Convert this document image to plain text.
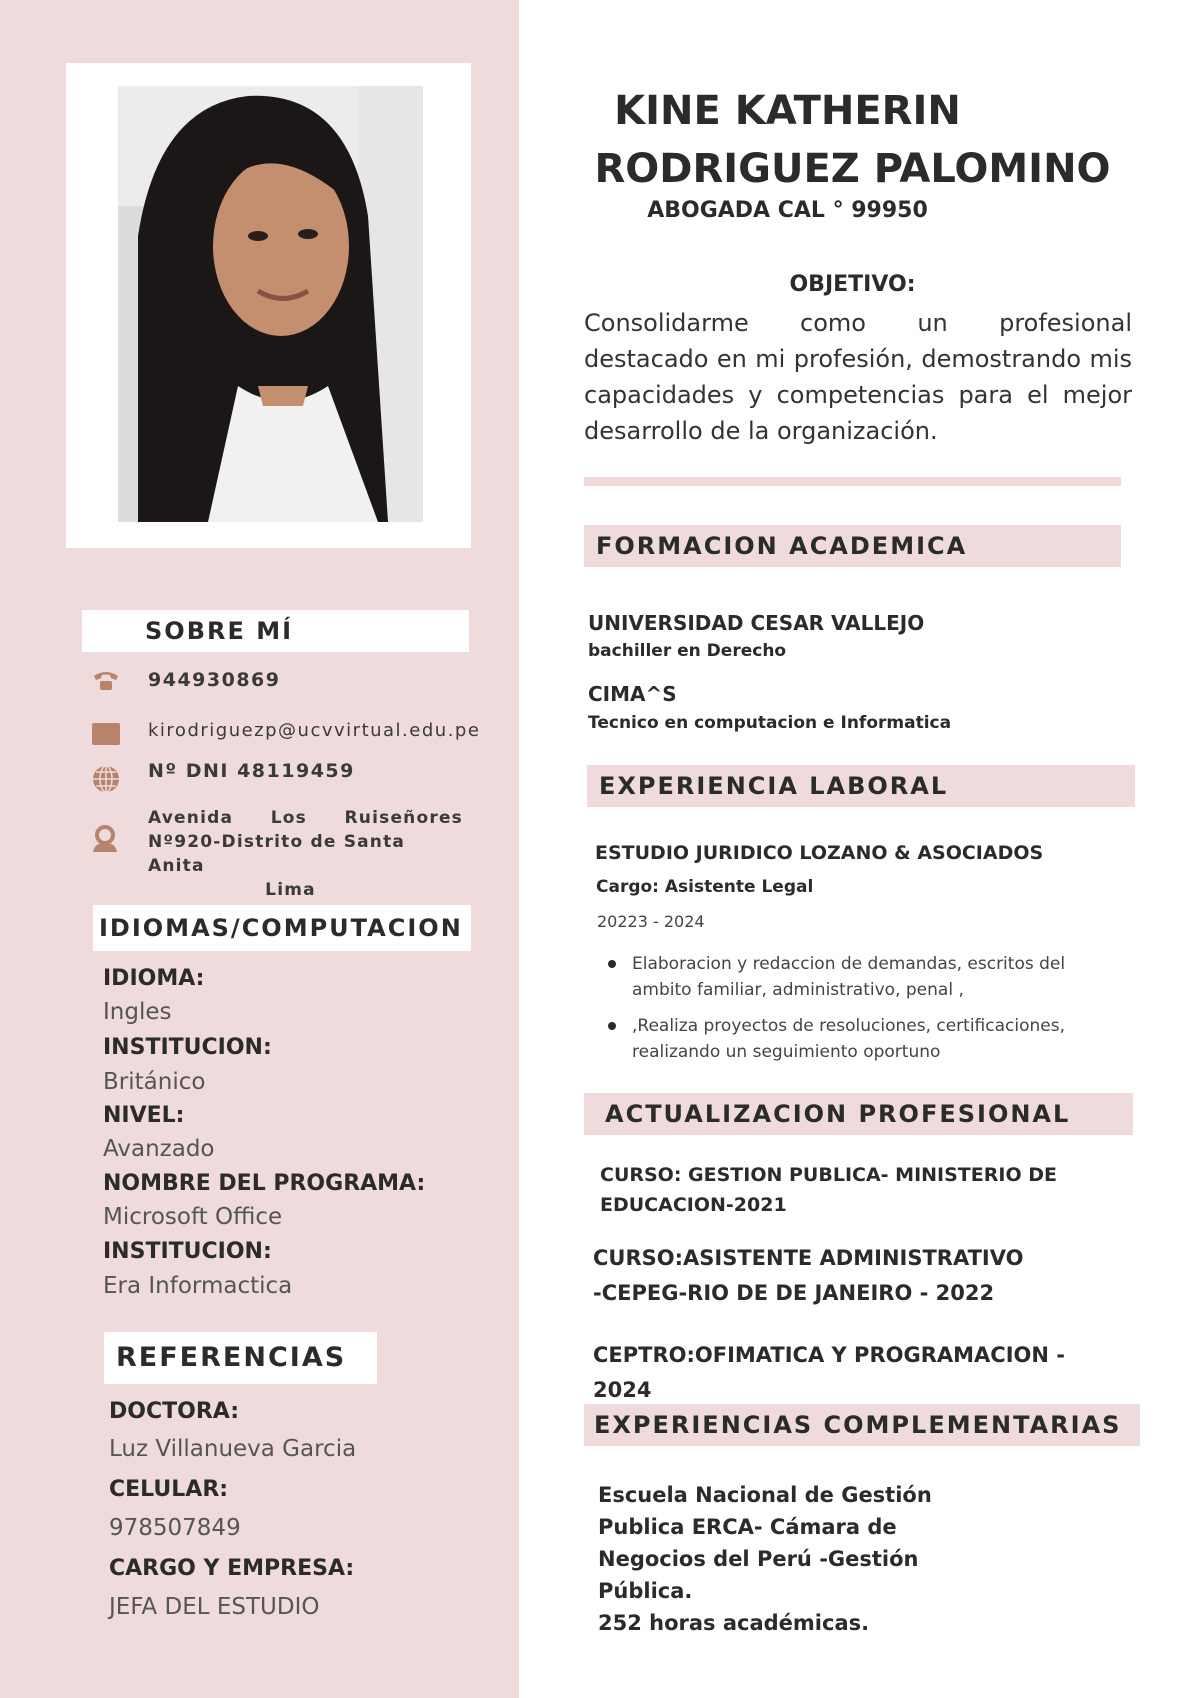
SOBRE MÍ
944930869
kirodriguezp@ucvvirtual.edu.pe
Nº DNI 48119459
Avenida Los Ruiseñores
Nº920-Distrito de Santa Anita
Lima
IDIOMAS/COMPUTACION
IDIOMA:
Ingles
INSTITUCION:
Británico
NIVEL:
Avanzado
NOMBRE DEL PROGRAMA:
Microsoft Office
INSTITUCION:
Era Informactica
REFERENCIAS
DOCTORA:
Luz Villanueva Garcia
CELULAR:
978507849
CARGO Y EMPRESA:
JEFA DEL ESTUDIO
KINE KATHERIN
RODRIGUEZ PALOMINO
ABOGADA CAL ° 99950
OBJETIVO:
Consolidarme como un profesional destacado en mi profesión, demostrando mis capacidades y competencias para el mejor desarrollo de la organización.
FORMACION ACADEMICA
UNIVERSIDAD CESAR VALLEJO
bachiller en Derecho
CIMA^S
Tecnico en computacion e Informatica
EXPERIENCIA LABORAL
ESTUDIO JURIDICO LOZANO & ASOCIADOS
Cargo: Asistente Legal
20223 - 2024
Elaboracion y redaccion de demandas, escritos del
ambito familiar, administrativo, penal ,
,Realiza proyectos de resoluciones, certificaciones,
realizando un seguimiento oportuno
ACTUALIZACION PROFESIONAL
CURSO: GESTION PUBLICA- MINISTERIO DE
EDUCACION-2021
CURSO:ASISTENTE ADMINISTRATIVO
-CEPEG-RIO DE DE JANEIRO - 2022
CEPTRO:OFIMATICA Y PROGRAMACION -
2024
EXPERIENCIAS COMPLEMENTARIAS
Escuela Nacional de Gestión
Publica ERCA- Cámara de
Negocios del Perú -Gestión
Pública.
252 horas académicas.
